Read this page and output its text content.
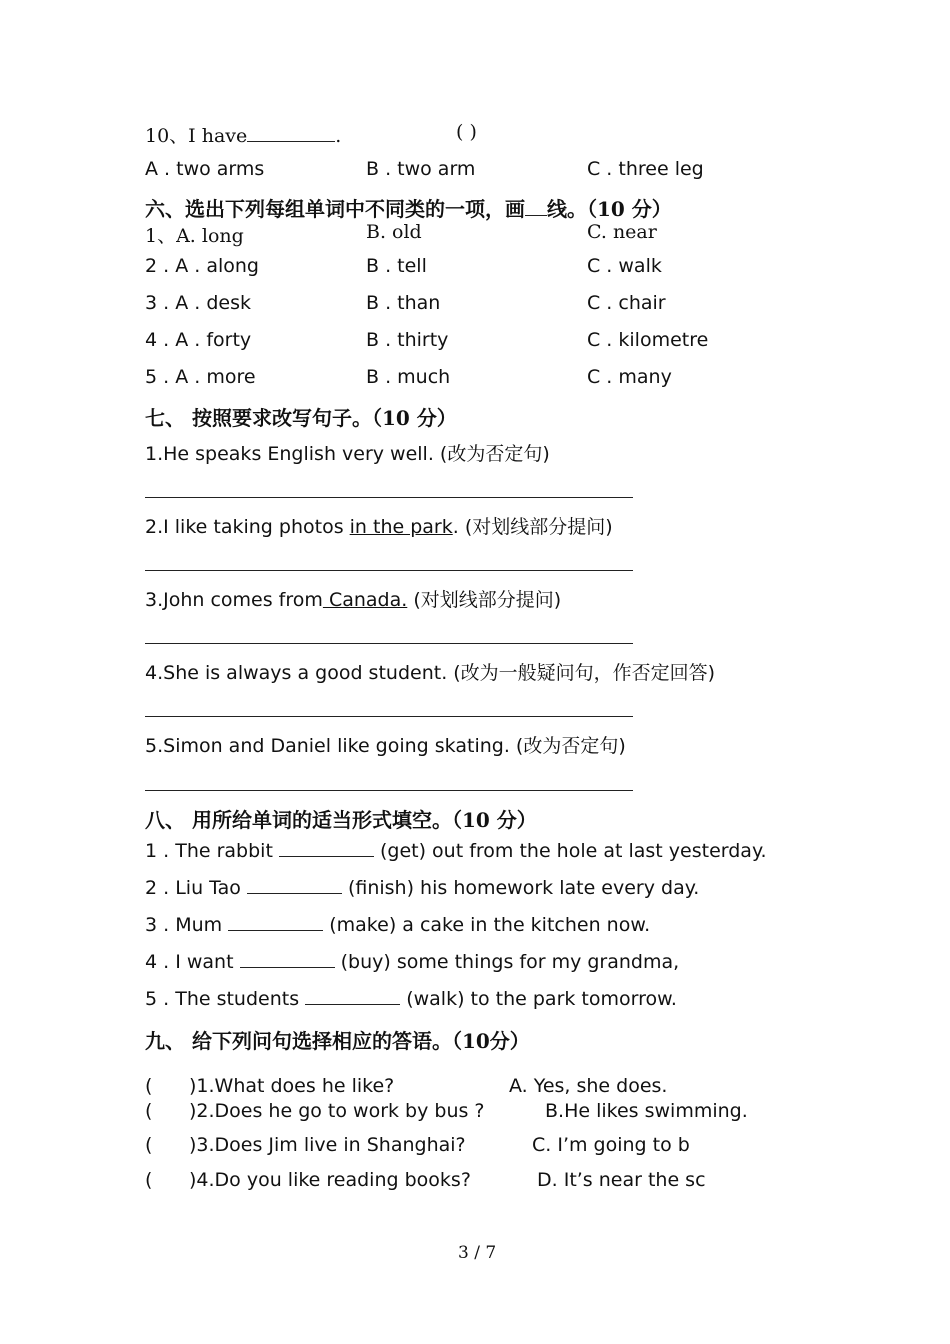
10、I have	.	( )
A . two arms	B . two arm	C . three leg
六、选出下列每组单词中不同类的一项，画 线。（10 分）
1、A. long	B. old	C. near
2 . A . along	B . tell	C . walk
3 . A . desk	B . than	C . chair
4 . A . forty	B . thirty	C . kilometre
5 . A . more	B . much	C . many
七、 按照要求改写句子。（10 分）
1.He speaks English very well. (改为否定句)
2.I like taking photos in the park. (对划线部分提问)
3.John comes from Canada. (对划线部分提问)
4.She is always a good student. (改为一般疑问句，作否定回答)
5.Simon and Daniel like going skating. (改为否定句)
八、 用所给单词的适当形式填空。（10 分）
1 . The rabbit	(get) out from the hole at last yesterday.
2 . Liu Tao	(finish) his homework late every day.
3 . Mum	(make) a cake in the kitchen now.
4 . I want	(buy) some things for my grandma,
5 . The students	(walk) to the park tomorrow.
九、 给下列问句选择相应的答语。（10分）
( )1.What does he like?	A. Yes, she does.
( )2.Does he go to work by bus ?	B.He likes swimming.
( )3.Does Jim live in Shanghai?	C. I’m going to b
( )4.Do you like reading books?	D. It’s near the sc
3 / 7
